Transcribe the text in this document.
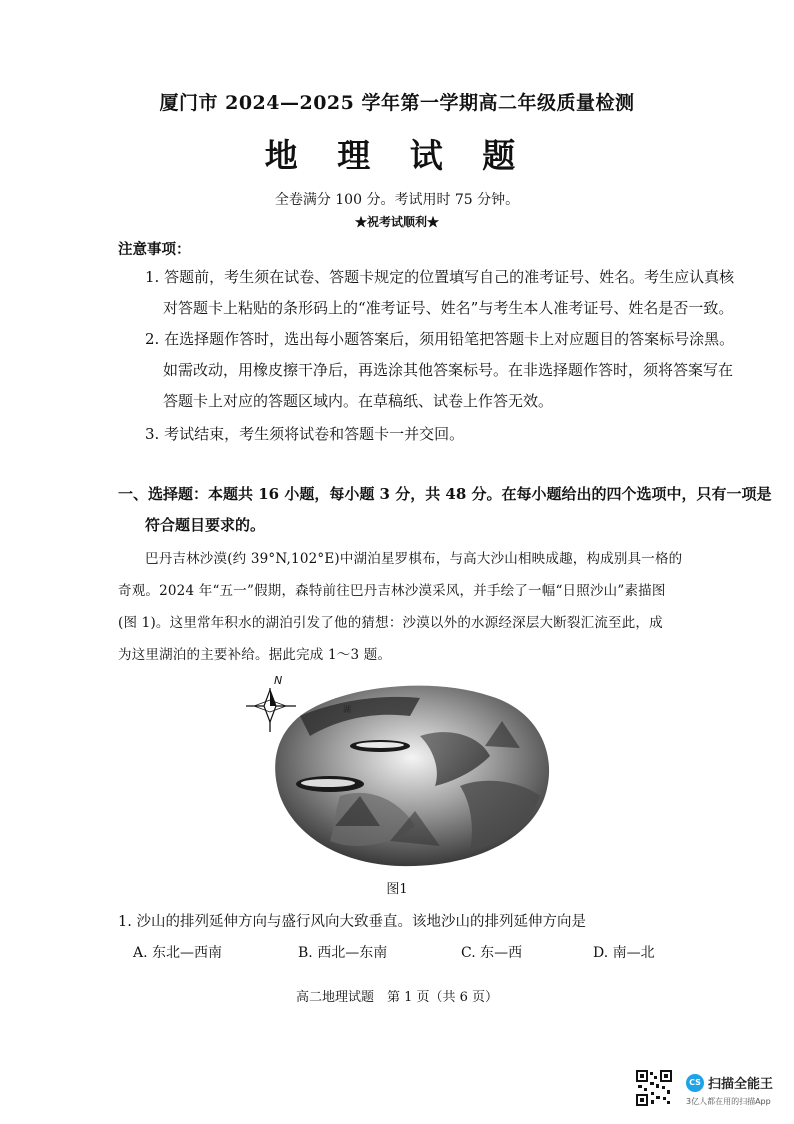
厦门市 2024—2025 学年第一学期高二年级质量检测
地 理 试 题
全卷满分 100 分。考试用时 75 分钟。
★祝考试顺利★
注意事项：
1. 答题前，考生须在试卷、答题卡规定的位置填写自己的准考证号、姓名。考生应认真核
对答题卡上粘贴的条形码上的“准考证号、姓名”与考生本人准考证号、姓名是否一致。
2. 在选择题作答时，选出每小题答案后，须用铅笔把答题卡上对应题目的答案标号涂黑。
如需改动，用橡皮擦干净后，再选涂其他答案标号。在非选择题作答时，须将答案写在
答题卡上对应的答题区域内。在草稿纸、试卷上作答无效。
3. 考试结束，考生须将试卷和答题卡一并交回。
一、选择题：本题共 16 小题，每小题 3 分，共 48 分。在每小题给出的四个选项中，只有一项是
符合题目要求的。
巴丹吉林沙漠(约 39°N,102°E)中湖泊星罗棋布，与高大沙山相映成趣，构成别具一格的
奇观。2024 年“五一”假期，森特前往巴丹吉林沙漠采风，并手绘了一幅“日照沙山”素描图
(图 1)。这里常年积水的湖泊引发了他的猜想：沙漠以外的水源经深层大断裂汇流至此，成
为这里湖泊的主要补给。据此完成 1～3 题。
湖
N
图1
1. 沙山的排列延伸方向与盛行风向大致垂直。该地沙山的排列延伸方向是
A. 东北—西南	B. 西北—东南	C. 东—西	D. 南—北
高二地理试题　第 1 页（共 6 页）
CS 扫描全能王
3亿人都在用的扫描App
